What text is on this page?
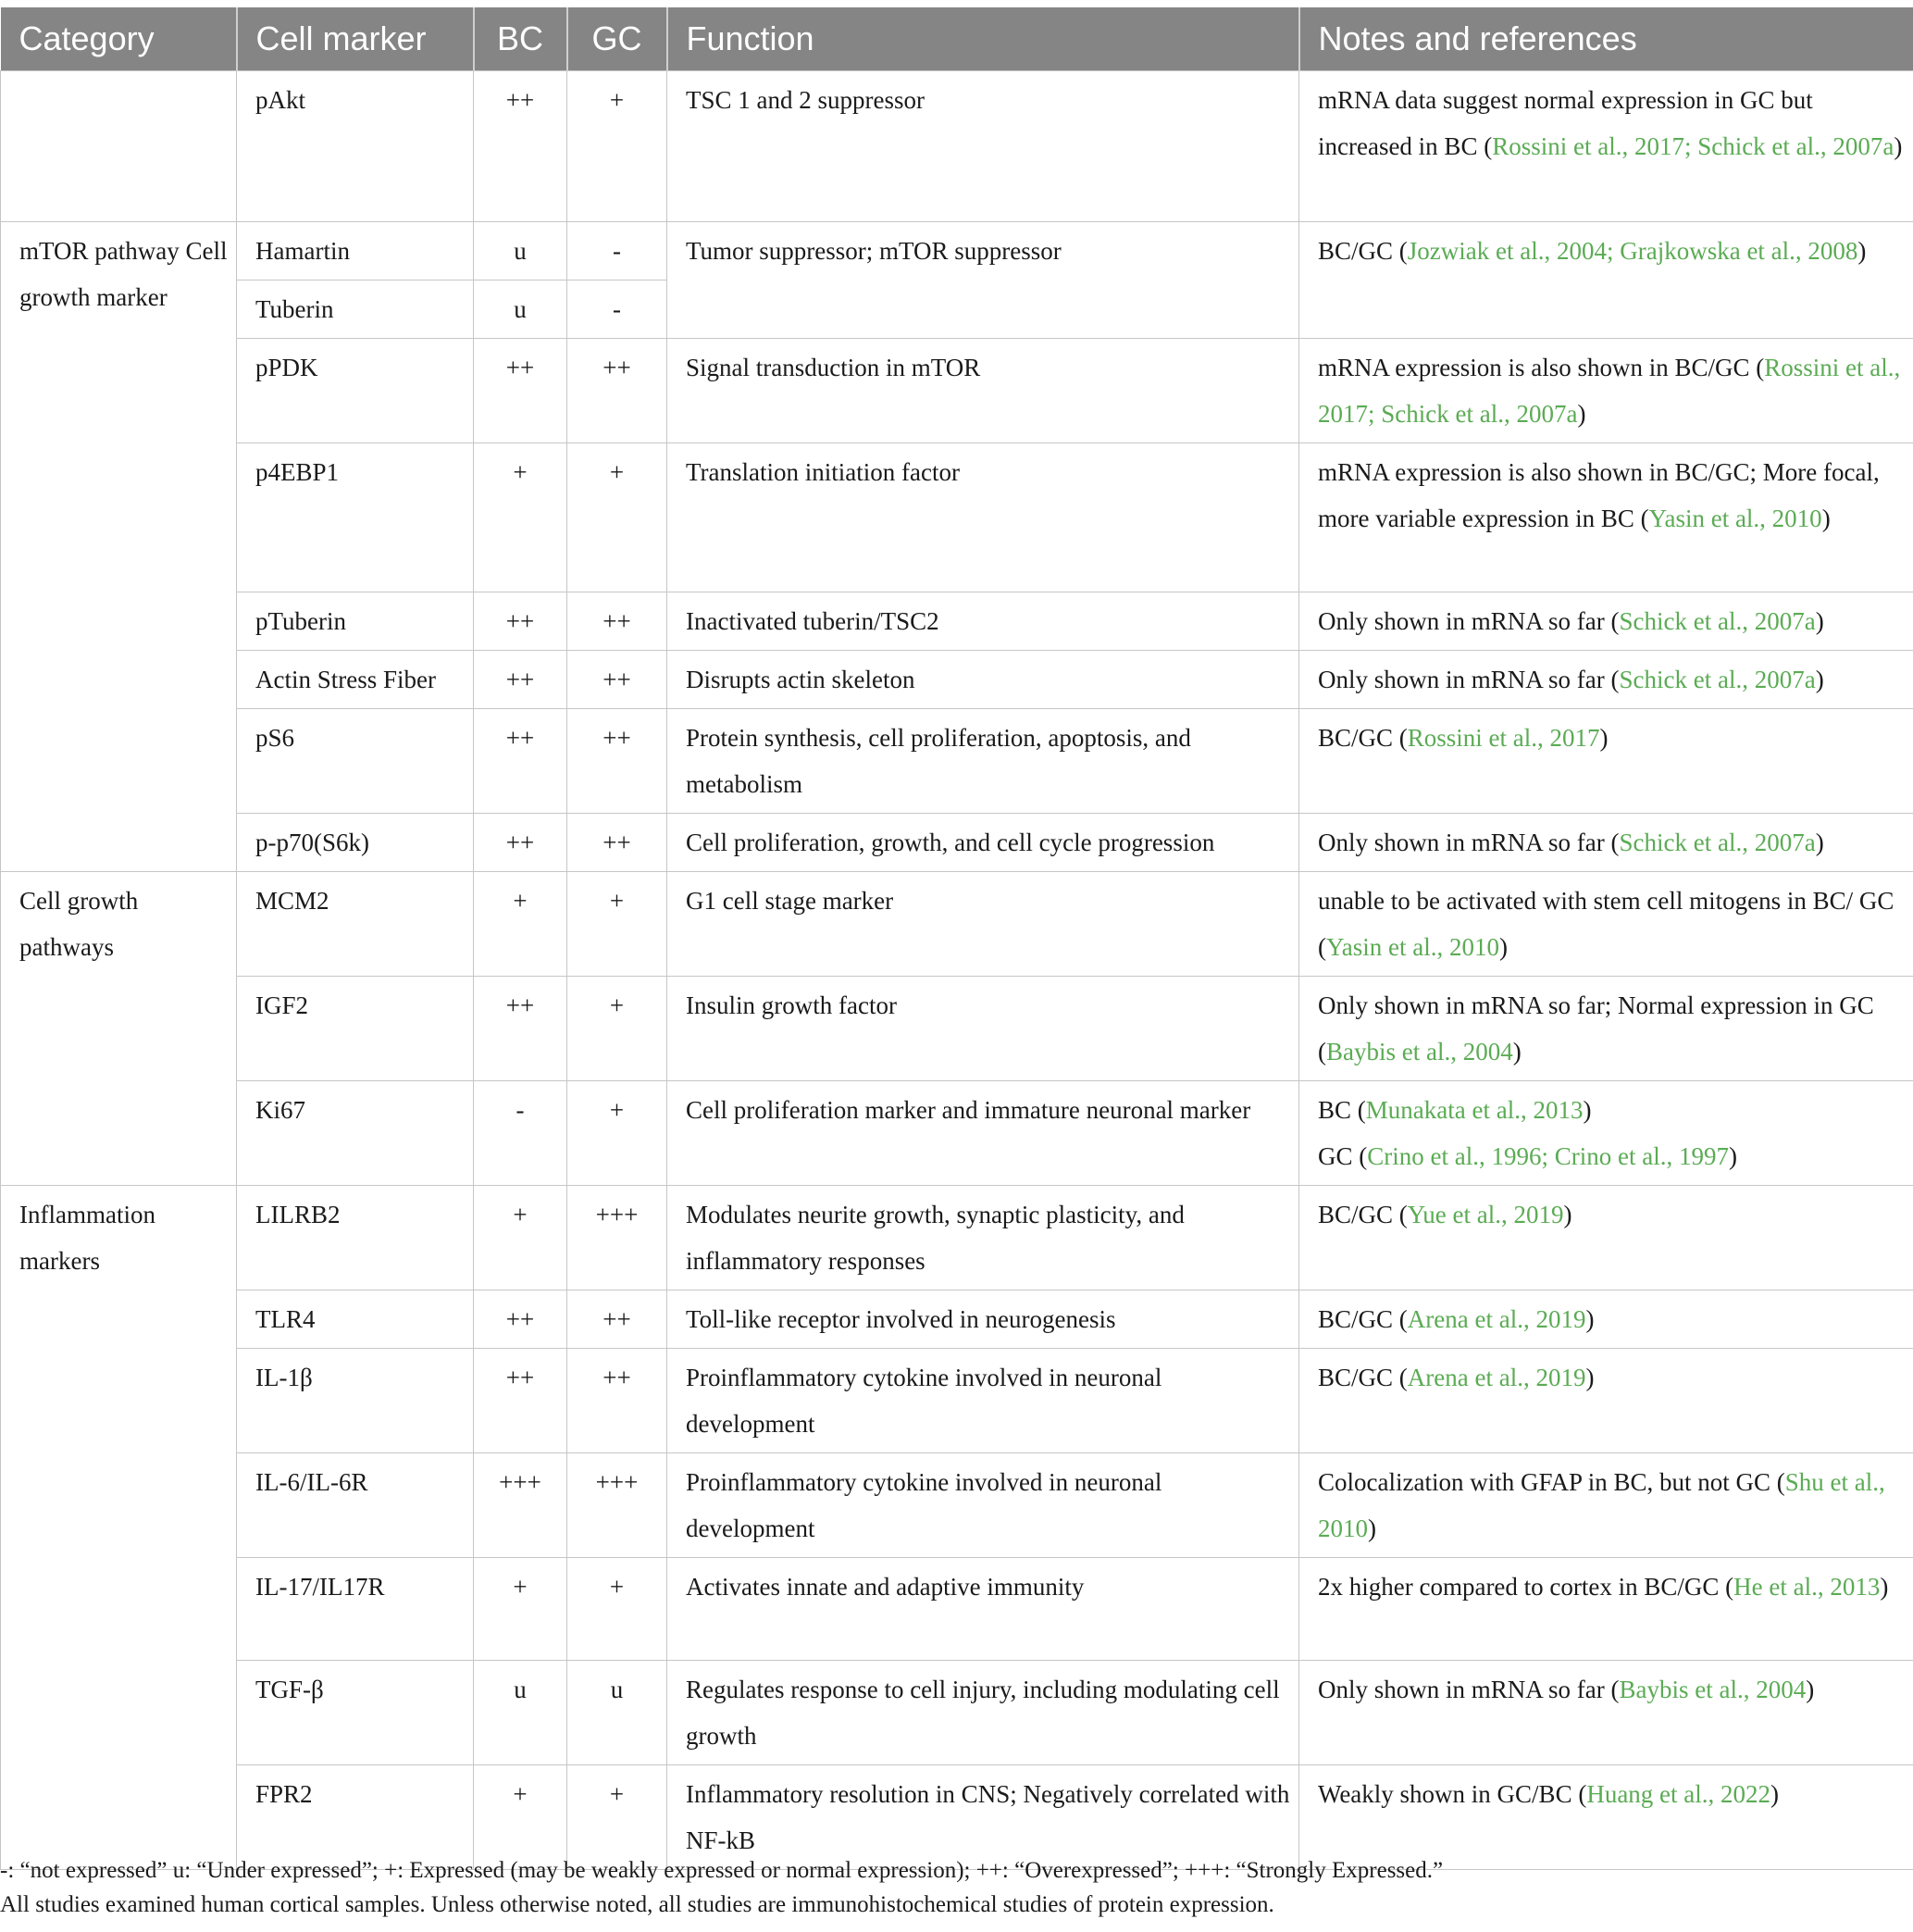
Category	Cell marker	BC	GC	Function	Notes and references
	pAkt	++	+	TSC 1 and 2 suppressor	mRNA data suggest normal expression in GC but increased in BC (Rossini et al., 2017; Schick et al., 2007a)
mTOR pathway Cell growth marker	Hamartin	u	-	Tumor suppressor; mTOR suppressor	BC/GC (Jozwiak et al., 2004; Grajkowska et al., 2008)
	Tuberin	u	-		
	pPDK	++	++	Signal transduction in mTOR	mRNA expression is also shown in BC/GC (Rossini et al., 2017; Schick et al., 2007a)
	p4EBP1	+	+	Translation initiation factor	mRNA expression is also shown in BC/GC; More focal, more variable expression in BC (Yasin et al., 2010)
	pTuberin	++	++	Inactivated tuberin/TSC2	Only shown in mRNA so far (Schick et al., 2007a)
	Actin Stress Fiber	++	++	Disrupts actin skeleton	Only shown in mRNA so far (Schick et al., 2007a)
	pS6	++	++	Protein synthesis, cell proliferation, apoptosis, and metabolism	BC/GC (Rossini et al., 2017)
	p-p70(S6k)	++	++	Cell proliferation, growth, and cell cycle progression	Only shown in mRNA so far (Schick et al., 2007a)
Cell growth pathways	MCM2	+	+	G1 cell stage marker	unable to be activated with stem cell mitogens in BC/ GC (Yasin et al., 2010)
	IGF2	++	+	Insulin growth factor	Only shown in mRNA so far; Normal expression in GC (Baybis et al., 2004)
	Ki67	-	+	Cell proliferation marker and immature neuronal marker	BC (Munakata et al., 2013)
GC (Crino et al., 1996; Crino et al., 1997)

Inflammation markers	LILRB2	+	+++	Modulates neurite growth, synaptic plasticity, and inflammatory responses	BC/GC (Yue et al., 2019)
	TLR4	++	++	Toll-like receptor involved in neurogenesis	BC/GC (Arena et al., 2019)
	IL-1β	++	++	Proinflammatory cytokine involved in neuronal development	BC/GC (Arena et al., 2019)
	IL-6/IL-6R	+++	+++	Proinflammatory cytokine involved in neuronal development	Colocalization with GFAP in BC, but not GC (Shu et al., 2010)
	IL-17/IL17R	+	+	Activates innate and adaptive immunity	2x higher compared to cortex in BC/GC (He et al., 2013)
	TGF-β	u	u	Regulates response to cell injury, including modulating cell growth	Only shown in mRNA so far (Baybis et al., 2004)
	FPR2	+	+	Inflammatory resolution in CNS; Negatively correlated with NF-kB	Weakly shown in GC/BC (Huang et al., 2022)
-: “not expressed” u: “Under expressed”; +: Expressed (may be weakly expressed or normal expression); ++: “Overexpressed”; +++: “Strongly Expressed.”
All studies examined human cortical samples. Unless otherwise noted, all studies are immunohistochemical studies of protein expression.
